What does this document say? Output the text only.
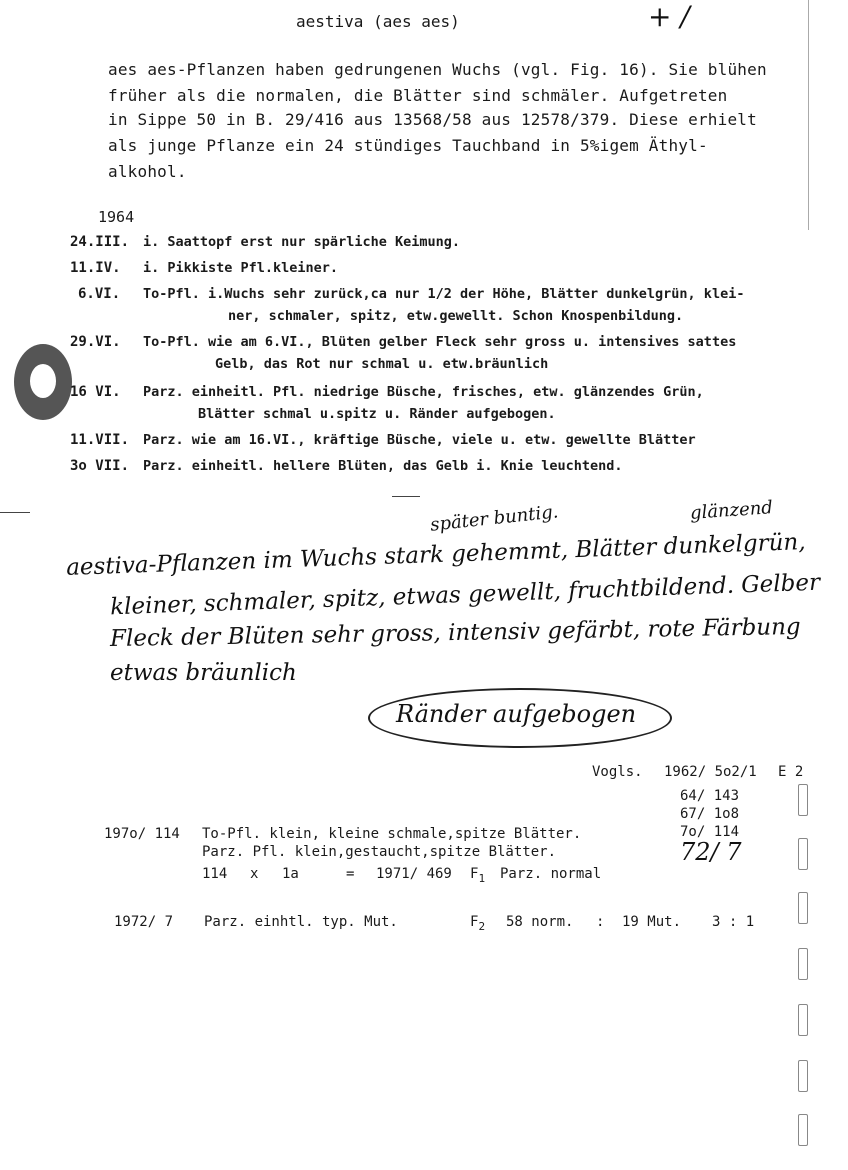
aestiva (aes aes)	+ /
aes aes-Pflanzen haben gedrungenen Wuchs (vgl. Fig. 16). Sie blühen
früher als die normalen, die Blätter sind schmäler. Aufgetreten
in Sippe 50 in B. 29/416 aus 13568/58 aus 12578/379. Diese erhielt
als junge Pflanze ein 24 stündiges Tauchband in 5%igem Äthyl-
alkohol.
1964
24.III. i. Saattopf erst nur spärliche Keimung.
11.IV. i. Pikkiste Pfl.kleiner.
6.VI. To-Pfl. i.Wuchs sehr zurück,ca nur 1/2 der Höhe, Blätter dunkelgrün, klei-
ner, schmaler, spitz, etw.gewellt. Schon Knospenbildung.
29.VI. To-Pfl. wie am 6.VI., Blüten gelber Fleck sehr gross u. intensives sattes
Gelb, das Rot nur schmal u. etw.bräunlich
16 VI. Parz. einheitl. Pfl. niedrige Büsche, frisches, etw. glänzendes Grün,
Blätter schmal u.spitz u. Ränder aufgebogen.
11.VII. Parz. wie am 16.VI., kräftige Büsche, viele u. etw. gewellte Blätter
3o VII. Parz. einheitl. hellere Blüten, das Gelb i. Knie leuchtend.
später buntig.	glänzend
aestiva-Pflanzen im Wuchs stark gehemmt, Blätter dunkelgrün,
kleiner, schmaler, spitz, etwas gewellt, fruchtbildend. Gelber
Fleck der Blüten sehr gross, intensiv gefärbt, rote Färbung
etwas bräunlich
Ränder aufgebogen
Vogls. 1962/ 5o2/1 E 2
64/ 143
67/ 1o8
7o/ 114
72/ 7
197o/ 114 To-Pfl. klein, kleine schmale,spitze Blätter.
Parz. Pfl. klein,gestaucht,spitze Blätter.
114 x 1a	= 1971/ 469 $F_1$ Parz. normal
1972/ 7 Parz. einhtl. typ. Mut.	$F_2$ 58 norm. : 19 Mut. 3 : 1
